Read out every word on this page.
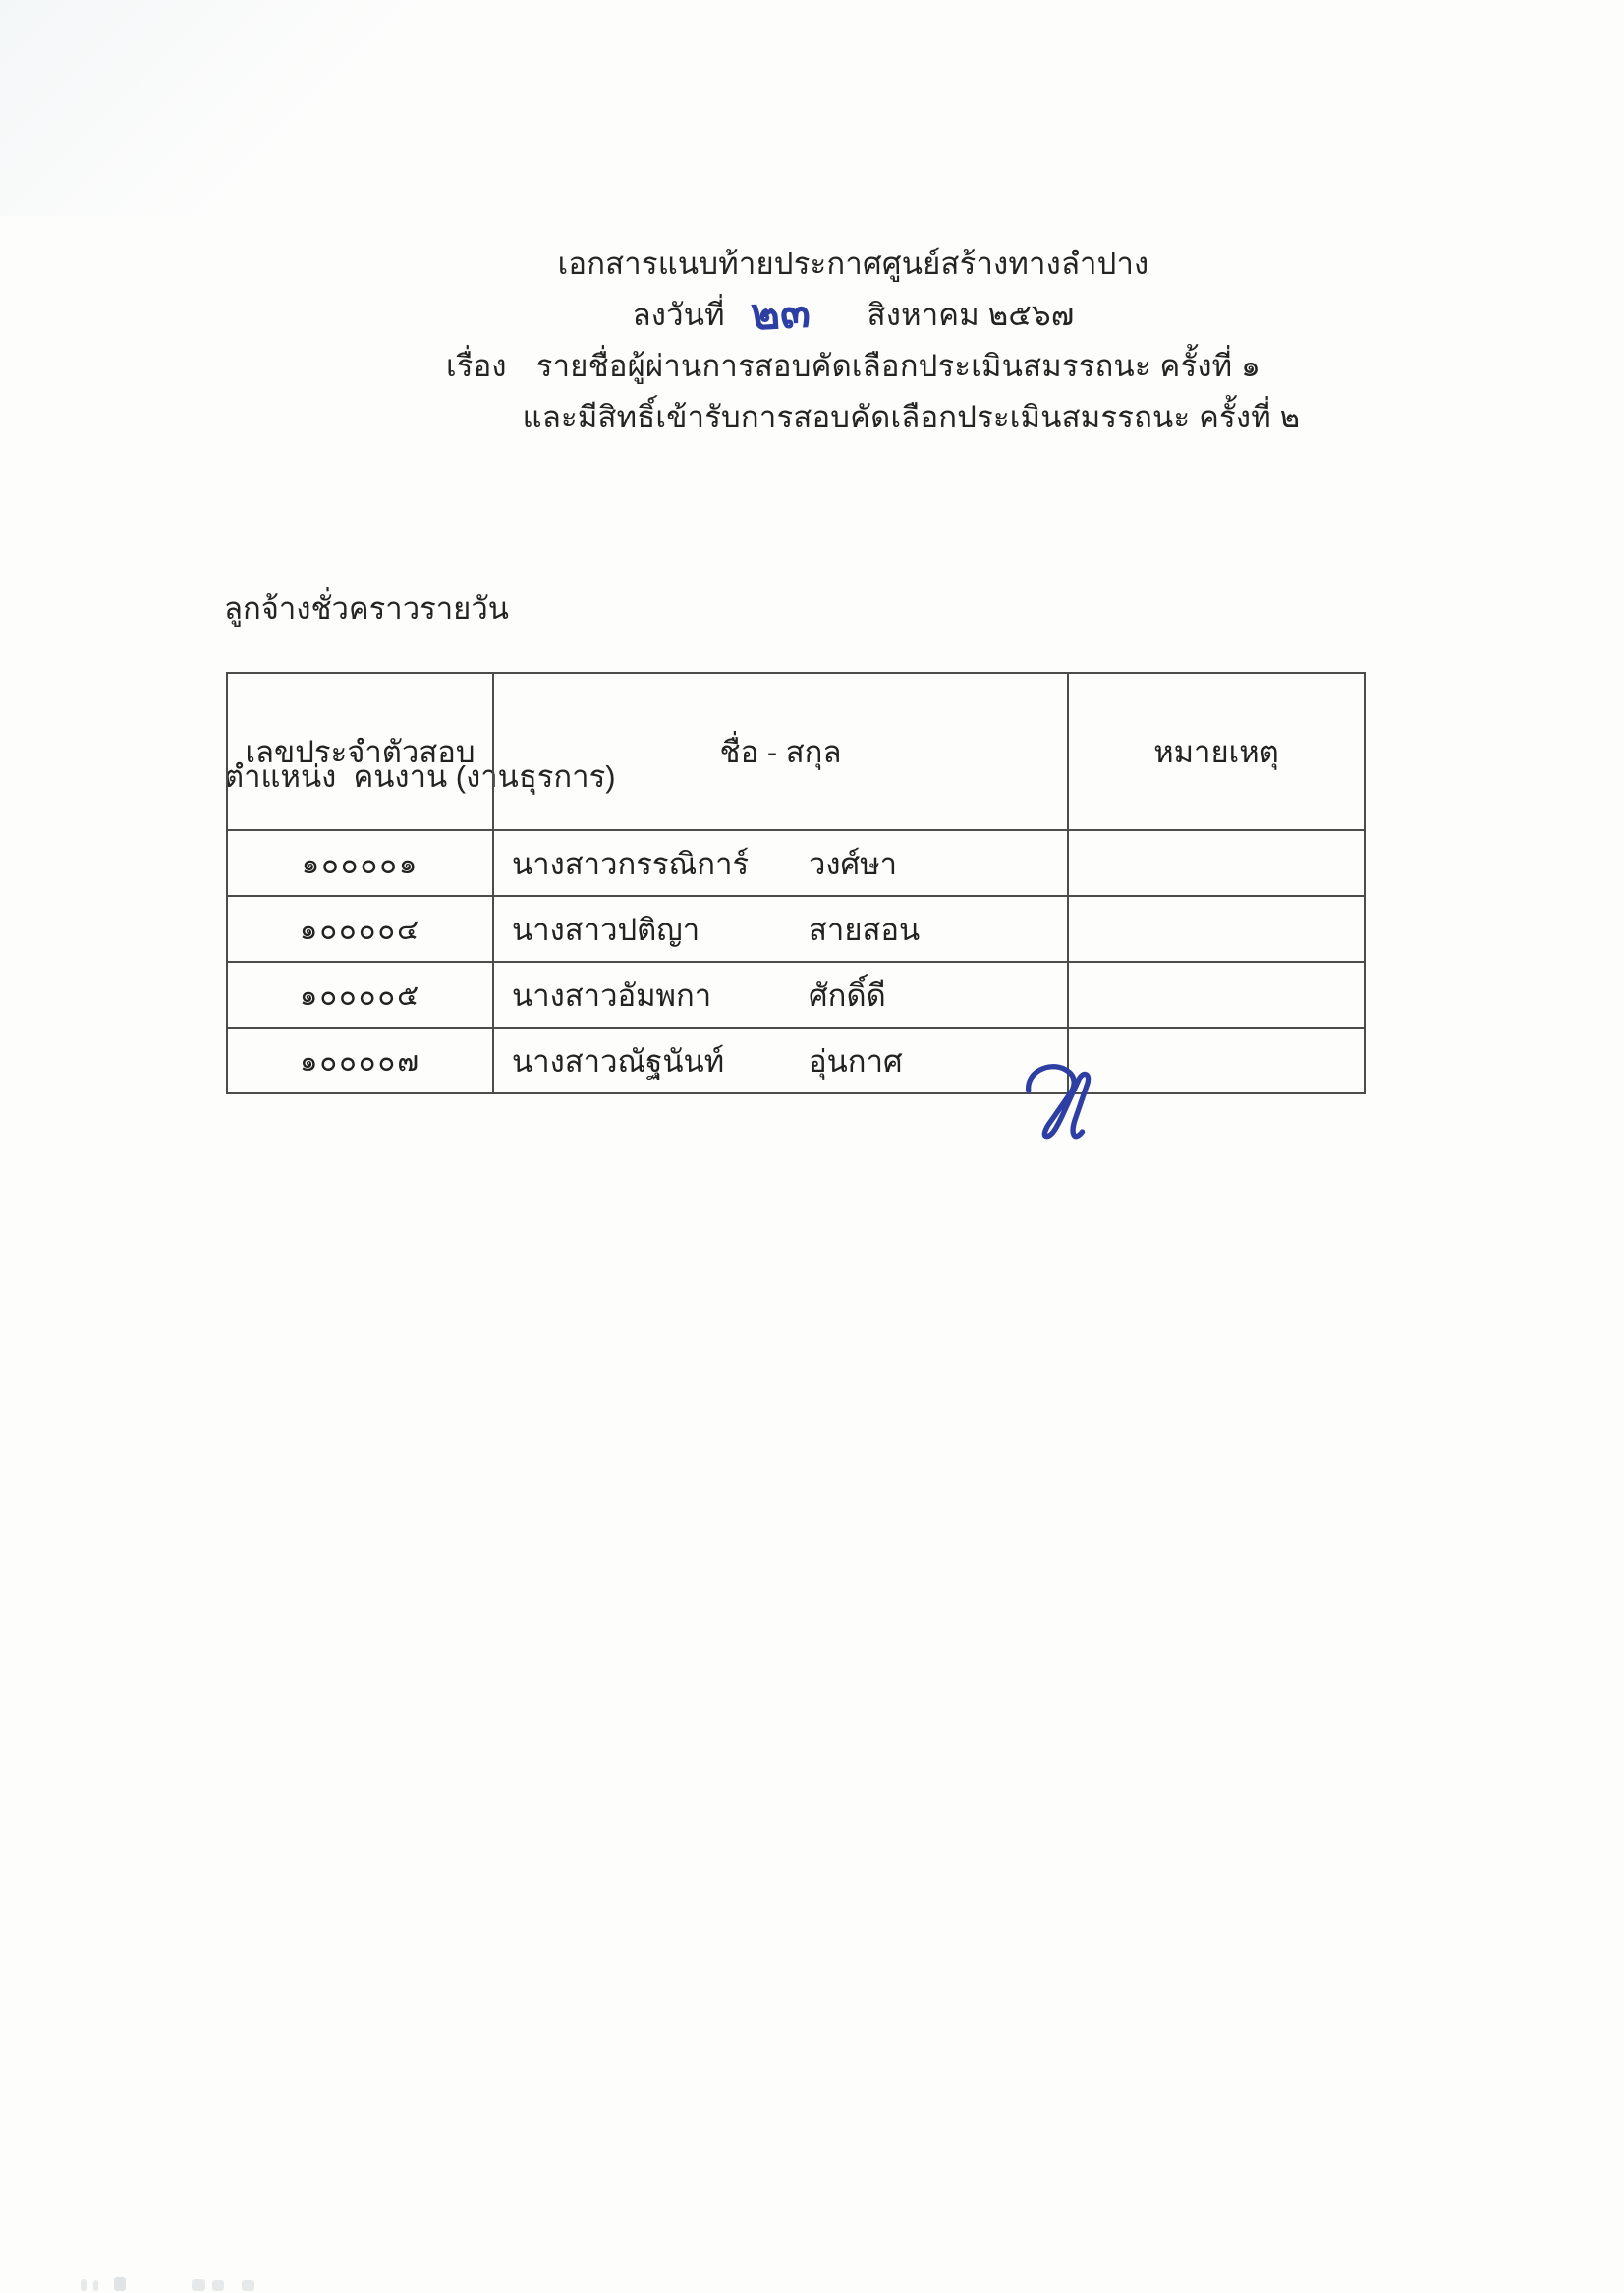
เอกสารแนบท้ายประกาศศูนย์สร้างทางลำปาง
ลงวันที่ ๒๓ สิงหาคม ๒๕๖๗
เรื่อง รายชื่อผู้ผ่านการสอบคัดเลือกประเมินสมรรถนะ ครั้งที่ ๑
และมีสิทธิ์เข้ารับการสอบคัดเลือกประเมินสมรรถนะ ครั้งที่ ๒

ลูกจ้างชั่วคราวรายวัน

ตำแหน่ง  คนงาน (งานธุรการ)

เลขประจำตัวสอบ	ชื่อ - สกุล	หมายเหตุ
๑๐๐๐๐๑	นางสาวกรรณิการ์ วงศ์ษา	
๑๐๐๐๐๔	นางสาวปติญา สายสอน	
๑๐๐๐๐๕	นางสาวอัมพกา ศักดิ์ดี	
๑๐๐๐๐๗	นางสาวณัฐนันท์ อุ่นกาศ	
